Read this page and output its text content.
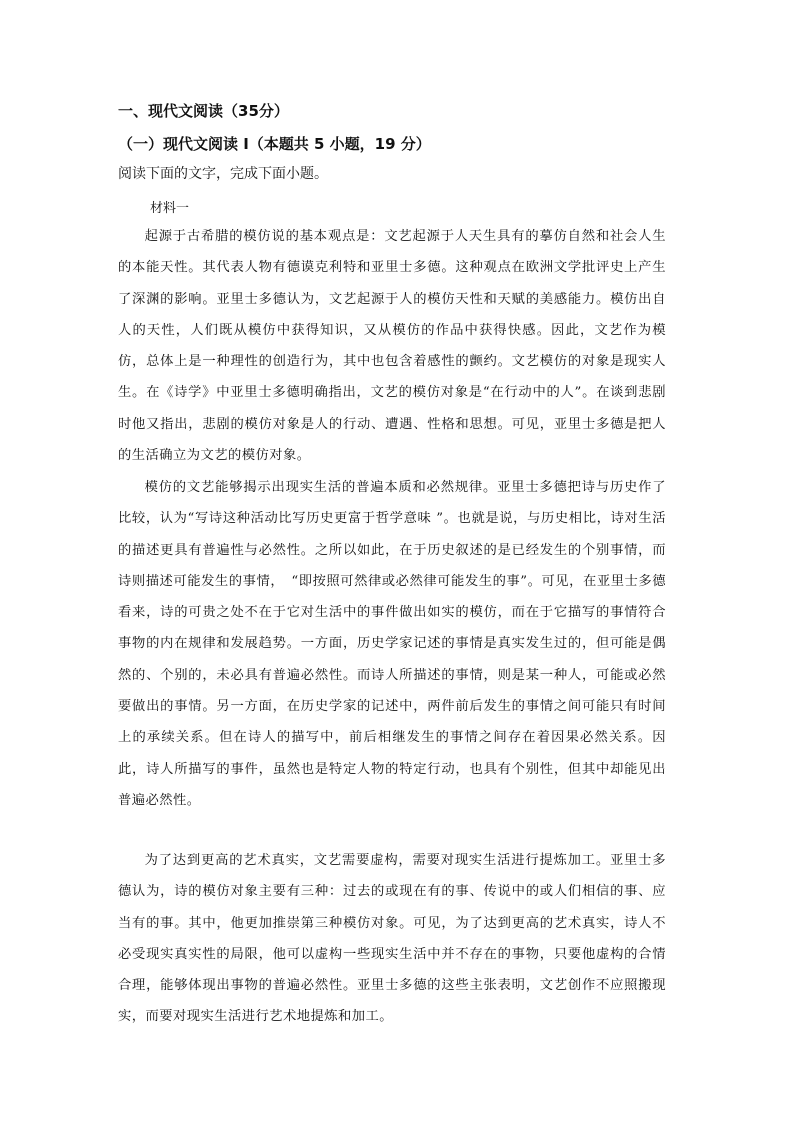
一、现代文阅读（35分）
（一）现代文阅读 I（本题共 5 小题，19 分）
阅读下面的文字，完成下面小题。
材料一

起源于古希腊的模仿说的基本观点是：文艺起源于人天生具有的摹仿自然和社会人生的本能天性。其代表人物有德谟克利特和亚里士多德。这种观点在欧洲文学批评史上产生了深渊的影响。亚里士多德认为，文艺起源于人的模仿天性和天赋的美感能力。模仿出自人的天性，人们既从模仿中获得知识，又从模仿的作品中获得快感。因此，文艺作为模仿，总体上是一种理性的创造行为，其中也包含着感性的颤约。文艺模仿的对象是现实人生。在《诗学》中亚里士多德明确指出，文艺的模仿对象是“在行动中的人”。在谈到悲剧时他又指出，悲剧的模仿对象是人的行动、遭遇、性格和思想。可见，亚里士多德是把人的生活确立为文艺的模仿对象。

模仿的文艺能够揭示出现实生活的普遍本质和必然规律。亚里士多德把诗与历史作了比较，认为“写诗这种活动比写历史更富于哲学意味 ”。也就是说，与历史相比，诗对生活的描述更具有普遍性与必然性。之所以如此，在于历史叙述的是已经发生的个别事情，而诗则描述可能发生的事情，　“即按照可然律或必然律可能发生的事”。可见，在亚里士多德看来，诗的可贵之处不在于它对生活中的事件做出如实的模仿，而在于它描写的事情符合事物的内在规律和发展趋势。一方面，历史学家记述的事情是真实发生过的，但可能是偶然的、个别的，未必具有普遍必然性。而诗人所描述的事情，则是某一种人，可能或必然要做出的事情。另一方面，在历史学家的记述中，两件前后发生的事情之间可能只有时间上的承续关系。但在诗人的描写中，前后相继发生的事情之间存在着因果必然关系。因此，诗人所描写的事件，虽然也是特定人物的特定行动，也具有个别性，但其中却能见出普遍必然性。

为了达到更高的艺术真实，文艺需要虚构，需要对现实生活进行提炼加工。亚里士多德认为，诗的模仿对象主要有三种：过去的或现在有的事、传说中的或人们相信的事、应当有的事。其中，他更加推崇第三种模仿对象。可见，为了达到更高的艺术真实，诗人不必受现实真实性的局限，他可以虚构一些现实生活中并不存在的事物，只要他虚构的合情合理，能够体现出事物的普遍必然性。亚里士多德的这些主张表明，文艺创作不应照搬现实，而要对现实生活进行艺术地提炼和加工。
